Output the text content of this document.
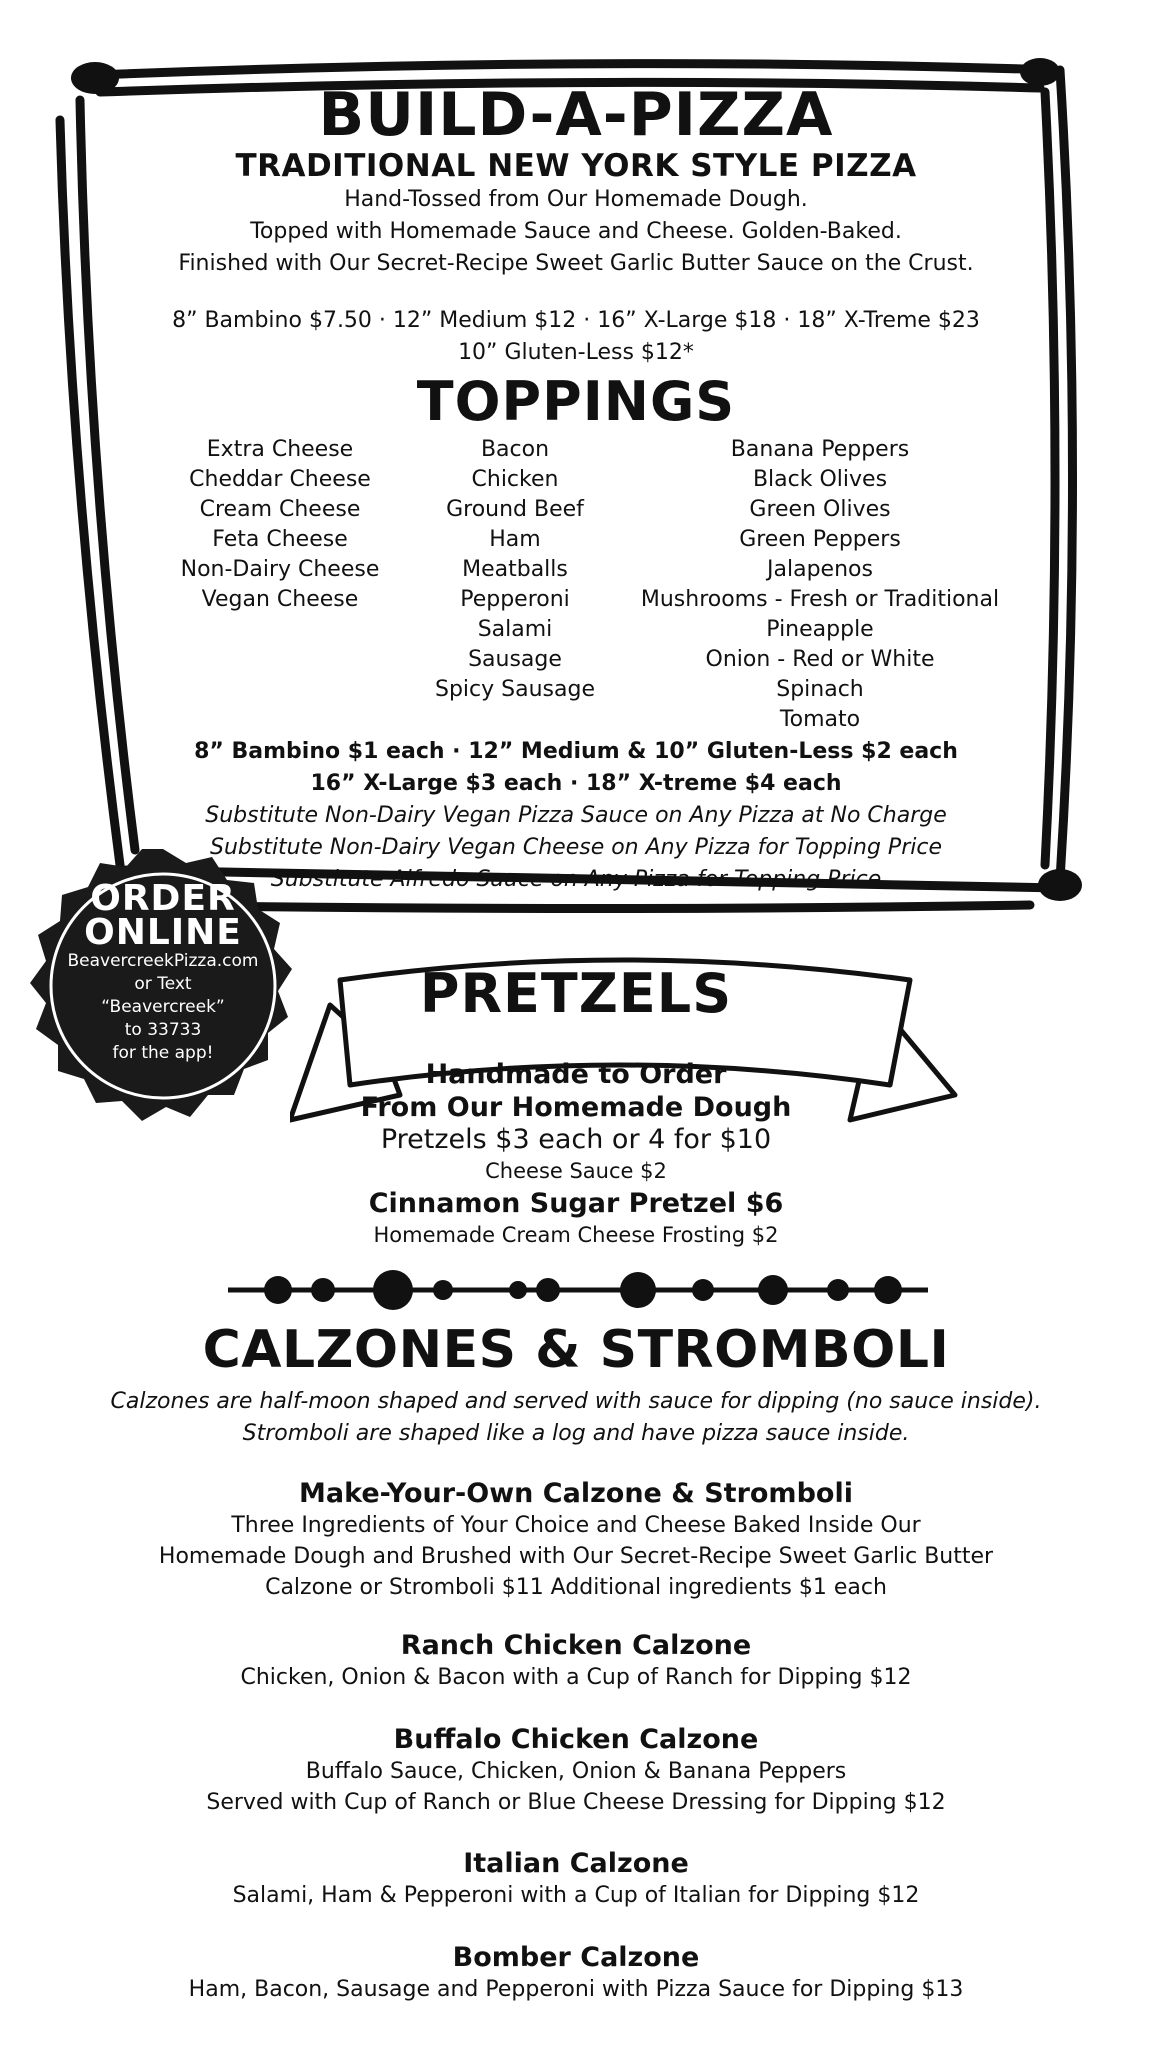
BUILD-A-PIZZA
TRADITIONAL NEW YORK STYLE PIZZA
Hand-Tossed from Our Homemade Dough.
Topped with Homemade Sauce and Cheese. Golden-Baked.
Finished with Our Secret-Recipe Sweet Garlic Butter Sauce on the Crust.
8” Bambino $7.50 · 12” Medium $12 · 16” X-Large $18 · 18” X-Treme $23
10” Gluten-Less $12*
TOPPINGS
Extra Cheese
Cheddar Cheese
Cream Cheese
Feta Cheese
Non-Dairy Cheese
Vegan Cheese
Bacon
Chicken
Ground Beef
Ham
Meatballs
Pepperoni
Salami
Sausage
Spicy Sausage
Banana Peppers
Black Olives
Green Olives
Green Peppers
Jalapenos
Mushrooms - Fresh or Traditional
Pineapple
Onion - Red or White
Spinach
Tomato
8” Bambino $1 each · 12” Medium & 10” Gluten-Less $2 each
16” X-Large $3 each · 18” X-treme $4 each
Substitute Non-Dairy Vegan Pizza Sauce on Any Pizza at No Charge
Substitute Non-Dairy Vegan Cheese on Any Pizza for Topping Price
Substitute Alfredo Sauce on Any Pizza for Topping Price
ORDER
ONLINE
BeavercreekPizza.com
or Text
“Beavercreek”
to 33733
for the app!
PRETZELS
Handmade to Order
From Our Homemade Dough
Pretzels $3 each or 4 for $10
Cheese Sauce $2
Cinnamon Sugar Pretzel $6
Homemade Cream Cheese Frosting $2
CALZONES & STROMBOLI
Calzones are half-moon shaped and served with sauce for dipping (no sauce inside).
Stromboli are shaped like a log and have pizza sauce inside.
Make-Your-Own Calzone & Stromboli
Three Ingredients of Your Choice and Cheese Baked Inside Our
Homemade Dough and Brushed with Our Secret-Recipe Sweet Garlic Butter
Calzone or Stromboli $11 Additional ingredients $1 each
Ranch Chicken Calzone
Chicken, Onion & Bacon with a Cup of Ranch for Dipping $12
Buffalo Chicken Calzone
Buffalo Sauce, Chicken, Onion & Banana Peppers
Served with Cup of Ranch or Blue Cheese Dressing for Dipping $12
Italian Calzone
Salami, Ham & Pepperoni with a Cup of Italian for Dipping $12
Bomber Calzone
Ham, Bacon, Sausage and Pepperoni with Pizza Sauce for Dipping $13
